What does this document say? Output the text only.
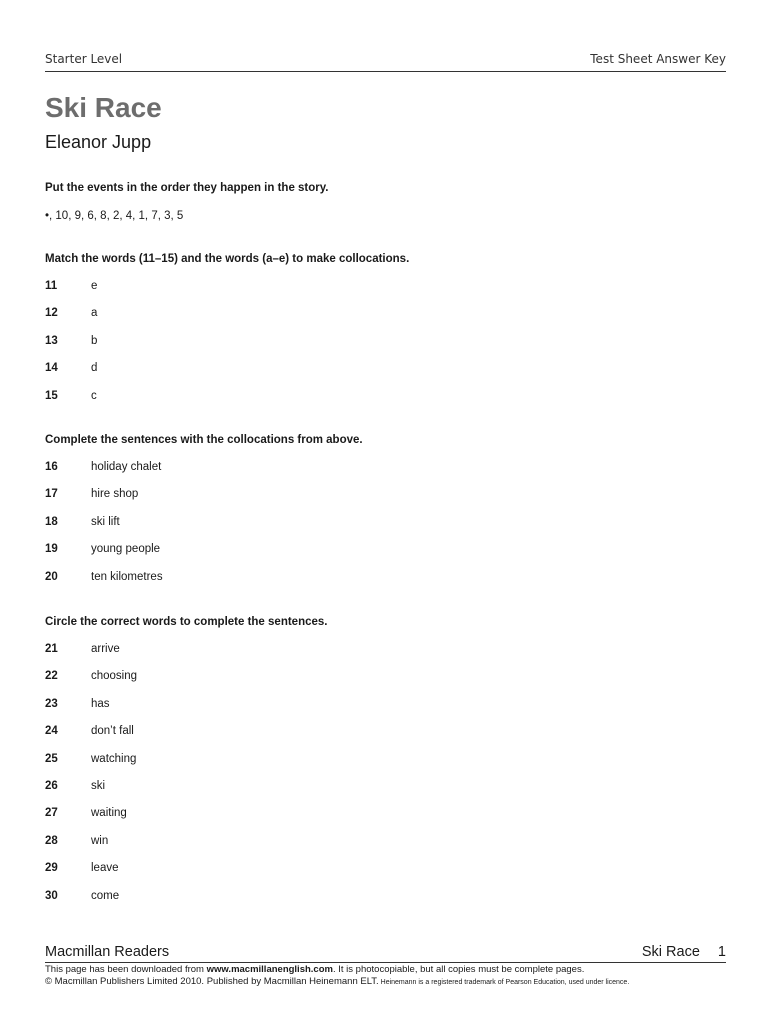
Starter Level	Test Sheet Answer Key
Ski Race
Eleanor Jupp
Put the events in the order they happen in the story.
•, 10, 9, 6, 8, 2, 4, 1, 7, 3, 5
Match the words (11–15) and the words (a–e) to make collocations.
11	e
12	a
13	b
14	d
15	c
Complete the sentences with the collocations from above.
16	holiday chalet
17	hire shop
18	ski lift
19	young people
20	ten kilometres
Circle the correct words to complete the sentences.
21	arrive
22	choosing
23	has
24	don’t fall
25	watching
26	ski
27	waiting
28	win
29	leave
30	come
Macmillan Readers	Ski Race 1
This page has been downloaded from www.macmillanenglish.com. It is photocopiable, but all copies must be complete pages.
© Macmillan Publishers Limited 2010. Published by Macmillan Heinemann ELT. Heinemann is a registered trademark of Pearson Education, used under licence.
